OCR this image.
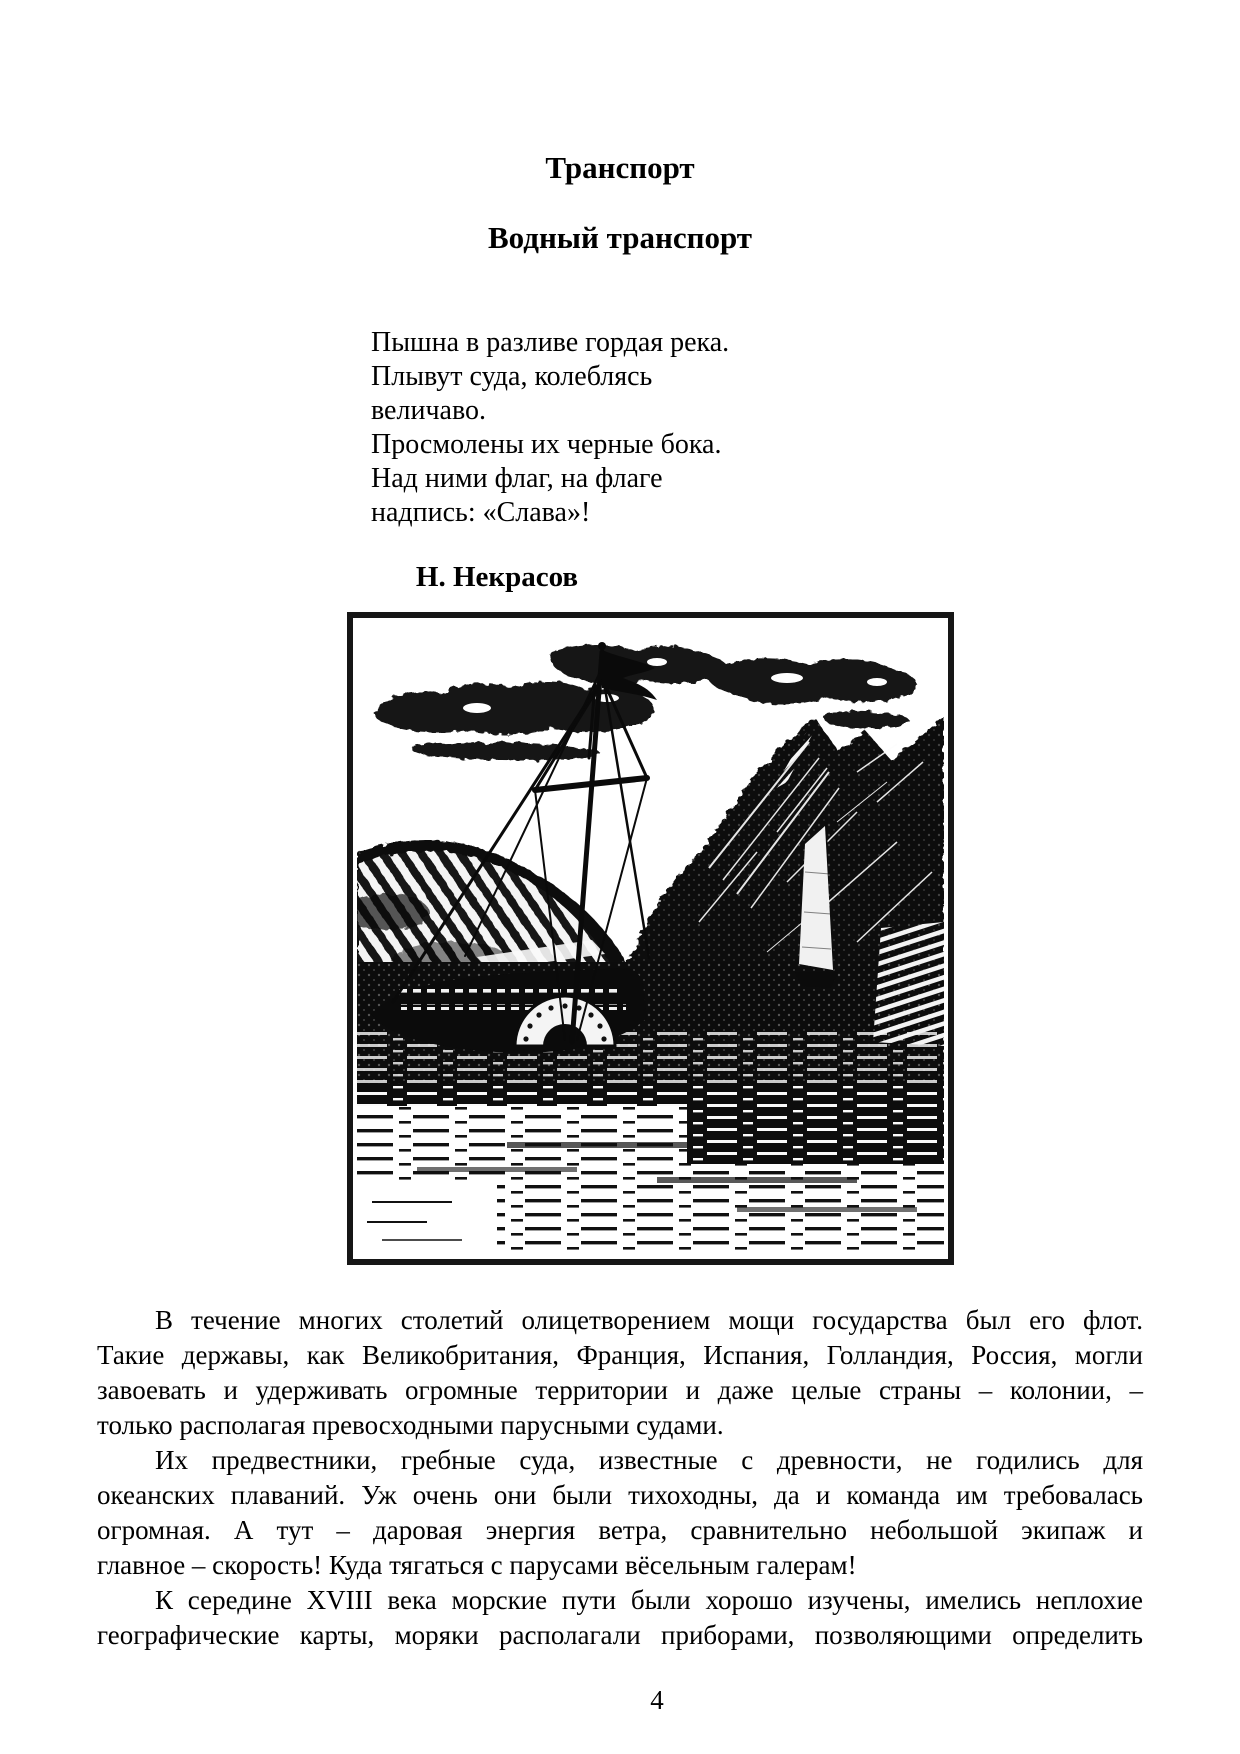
Транспорт
Водный транспорт
Пышна в разливе гордая река.
Плывут суда, колеблясь
величаво.
Просмолены их черные бока.
Над ними флаг, на флаге
надпись: «Слава»!
Н. Некрасов
В течение многих столетий олицетворением мощи государства был его флот.
Такие державы, как Великобритания, Франция, Испания, Голландия, Россия, могли
завоевать и удерживать огромные территории и даже целые страны – колонии, –
только располагая превосходными парусными судами.
Их предвестники, гребные суда, известные с древности, не годились для
океанских плаваний. Уж очень они были тихоходны, да и команда им требовалась
огромная. А тут – даровая энергия ветра, сравнительно небольшой экипаж и
главное – скорость! Куда тягаться с парусами вёсельным галерам!
К середине XVIII века морские пути были хорошо изучены, имелись неплохие
географические карты, моряки располагали приборами, позволяющими определить
4
